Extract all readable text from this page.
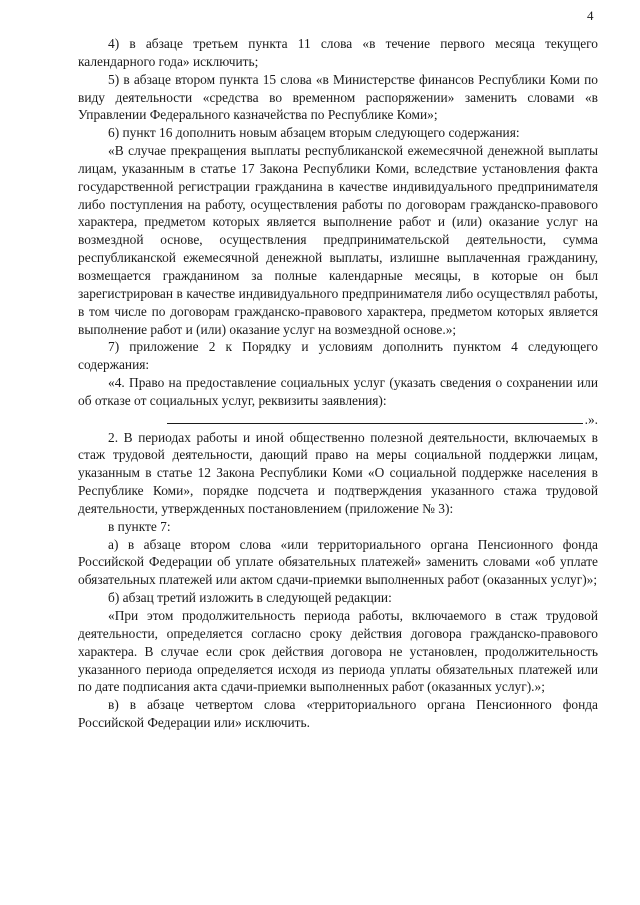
4

4) в абзаце третьем пункта 11 слова «в течение первого месяца текущего календарного года» исключить;

5) в абзаце втором пункта 15 слова «в Министерстве финансов Республики Коми по виду деятельности «средства во временном распоряжении» заменить словами «в Управлении Федерального казначейства по Республике Коми»;

6) пункт 16 дополнить новым абзацем вторым следующего содержания:

«В случае прекращения выплаты республиканской ежемесячной денежной выплаты лицам, указанным в статье 17 Закона Республики Коми, вследствие установления факта государственной регистрации гражданина в качестве индивидуального предпринимателя либо поступления на работу, осуществления работы по договорам гражданско-правового характера, предметом которых является выполнение работ и (или) оказание услуг на возмездной основе, осуществления предпринимательской деятельности, сумма республиканской ежемесячной денежной выплаты, излишне выплаченная гражданину, возмещается гражданином за полные календарные месяцы, в которые он был зарегистрирован в качестве индивидуального предпринимателя либо осуществлял работы, в том числе по договорам гражданско-правового характера, предметом которых является выполнение работ и (или) оказание услуг на возмездной основе.»;

7) приложение 2 к Порядку и условиям дополнить пунктом 4 следующего содержания:

«4. Право на предоставление социальных услуг (указать сведения о сохранении или об отказе от социальных услуг, реквизиты заявления):

.».

2. В периодах работы и иной общественно полезной деятельности, включаемых в стаж трудовой деятельности, дающий право на меры социальной поддержки лицам, указанным в статье 12 Закона Республики Коми «О социальной поддержке населения в Республике Коми», порядке подсчета и подтверждения указанного стажа трудовой деятельности, утвержденных постановлением (приложение № 3):

в пункте 7:

а) в абзаце втором слова «или территориального органа Пенсионного фонда Российской Федерации об уплате обязательных платежей» заменить словами «об уплате обязательных платежей или актом сдачи-приемки выполненных работ (оказанных услуг)»;

б) абзац третий изложить в следующей редакции:

«При этом продолжительность периода работы, включаемого в стаж трудовой деятельности, определяется согласно сроку действия договора гражданско-правового характера. В случае если срок действия договора не установлен, продолжительность указанного периода определяется исходя из периода уплаты обязательных платежей или по дате подписания акта сдачи-приемки выполненных работ (оказанных услуг).»;

в) в абзаце четвертом слова «территориального органа Пенсионного фонда Российской Федерации или» исключить.
